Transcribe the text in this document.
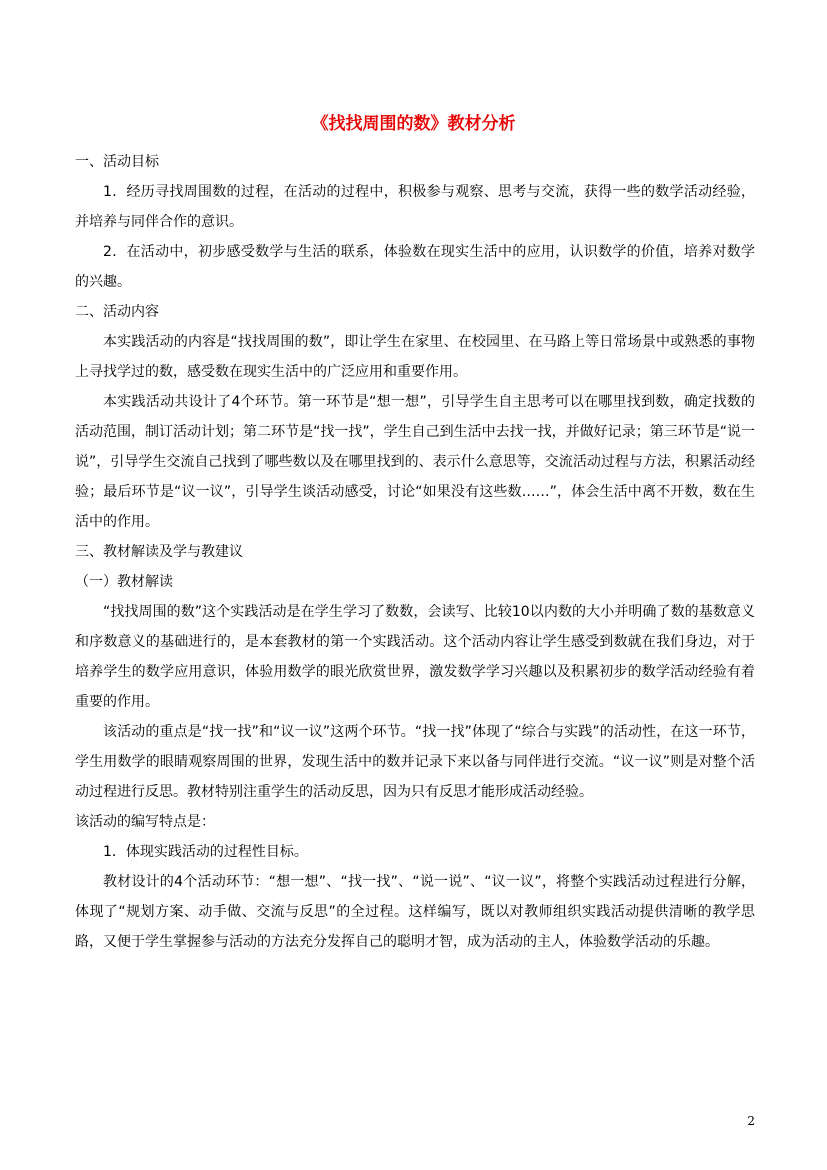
《找找周围的数》教材分析

一、活动目标

1．经历寻找周围数的过程，在活动的过程中，积极参与观察、思考与交流，获得一些的数学活动经验，并培养与同伴合作的意识。

2．在活动中，初步感受数学与生活的联系，体验数在现实生活中的应用，认识数学的价值，培养对数学的兴趣。

二、活动内容

本实践活动的内容是“找找周围的数”，即让学生在家里、在校园里、在马路上等日常场景中或熟悉的事物上寻找学过的数，感受数在现实生活中的广泛应用和重要作用。

本实践活动共设计了4个环节。第一环节是“想一想”，引导学生自主思考可以在哪里找到数，确定找数的活动范围，制订活动计划；第二环节是“找一找”，学生自己到生活中去找一找，并做好记录；第三环节是“说一说”，引导学生交流自己找到了哪些数以及在哪里找到的、表示什么意思等，交流活动过程与方法，积累活动经验；最后环节是“议一议”，引导学生谈活动感受，讨论“如果没有这些数……”，体会生活中离不开数，数在生活中的作用。

三、教材解读及学与教建议

（一）教材解读

“找找周围的数”这个实践活动是在学生学习了数数，会读写、比较10以内数的大小并明确了数的基数意义和序数意义的基础进行的，是本套教材的第一个实践活动。这个活动内容让学生感受到数就在我们身边，对于培养学生的数学应用意识，体验用数学的眼光欣赏世界，激发数学学习兴趣以及积累初步的数学活动经验有着重要的作用。

该活动的重点是“找一找”和“议一议”这两个环节。“找一找”体现了“综合与实践”的活动性，在这一环节，学生用数学的眼睛观察周围的世界，发现生活中的数并记录下来以备与同伴进行交流。“议一议”则是对整个活动过程进行反思。教材特别注重学生的活动反思，因为只有反思才能形成活动经验。

该活动的编写特点是：

1．体现实践活动的过程性目标。

教材设计的4个活动环节：“想一想”、“找一找”、“说一说”、“议一议”，将整个实践活动过程进行分解，体现了“规划方案、动手做、交流与反思”的全过程。这样编写，既以对教师组织实践活动提供清晰的教学思路，又便于学生掌握参与活动的方法充分发挥自己的聪明才智，成为活动的主人，体验数学活动的乐趣。

2
